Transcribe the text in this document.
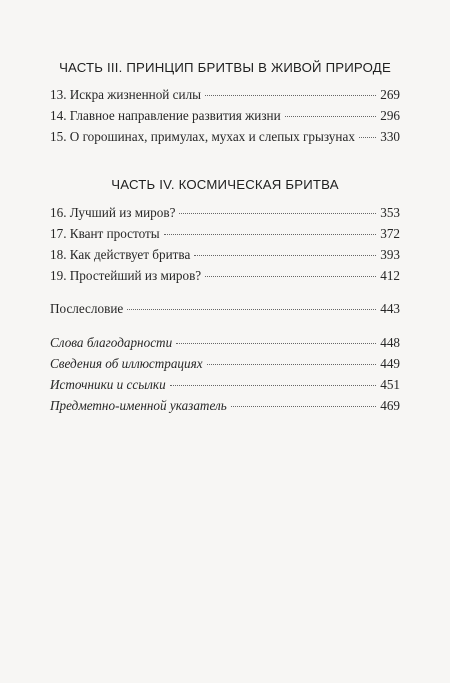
ЧАСТЬ III. ПРИНЦИП БРИТВЫ В ЖИВОЙ ПРИРОДЕ
13. Искра жизненной силы	269
14. Главное направление развития жизни	296
15. О горошинах, примулах, мухах и слепых грызунах 330
ЧАСТЬ IV. КОСМИЧЕСКАЯ БРИТВА
16. Лучший из миров?	353
17. Квант простоты	372
18. Как действует бритва	393
19. Простейший из миров?	412
Послесловие	443
Слова благодарности	448
Сведения об иллюстрациях	449
Источники и ссылки	451
Предметно-именной указатель	469
